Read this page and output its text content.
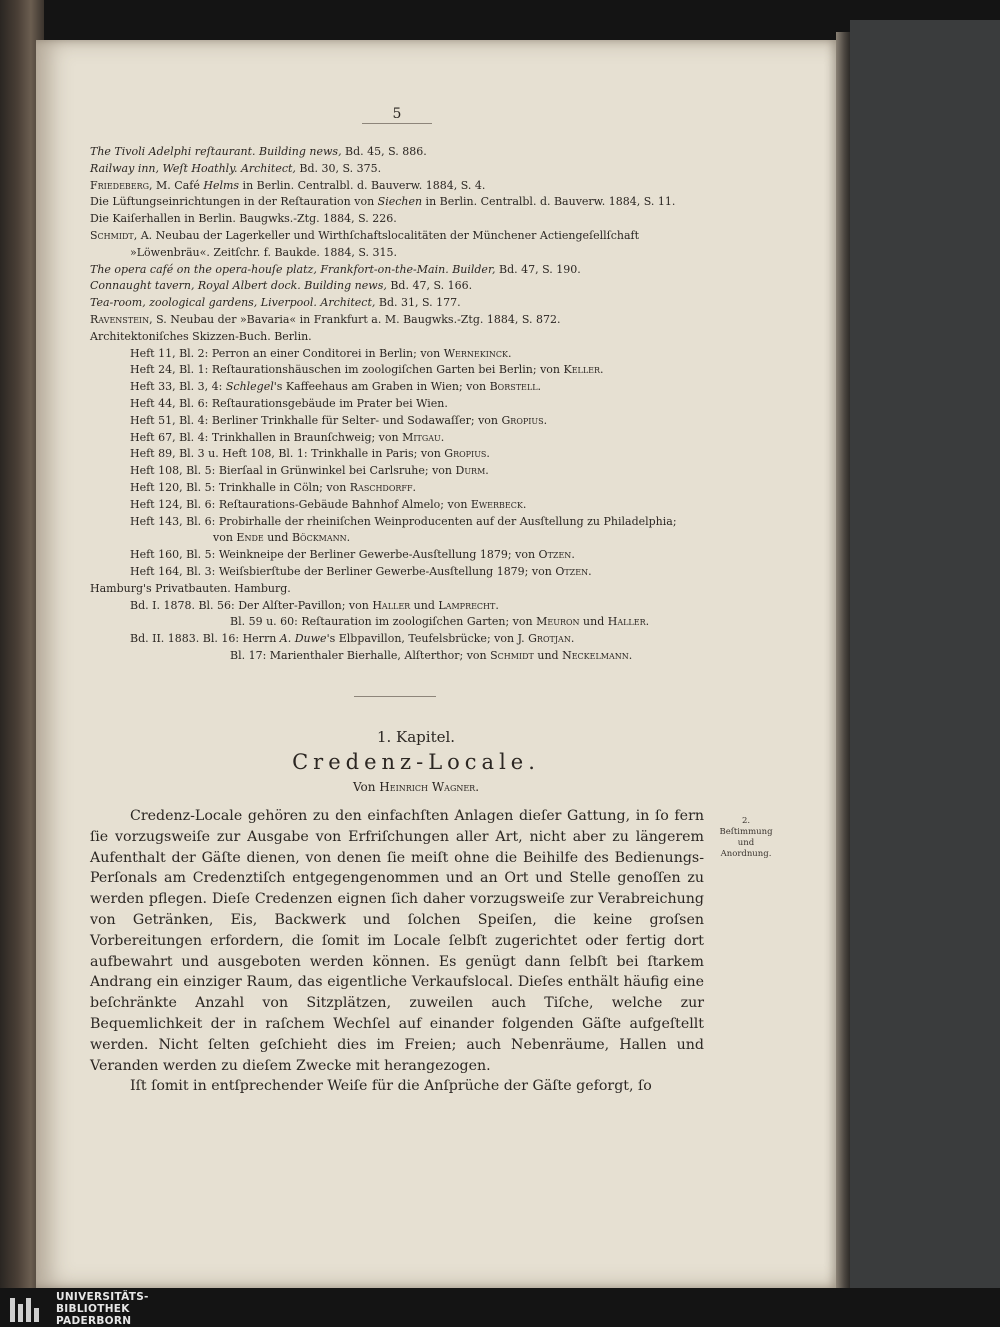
5
The Tivoli Adelphi reſtaurant. Building news, Bd. 45, S. 886.
Railway inn, Weſt Hoathly. Architect, Bd. 30, S. 375.
Friedeberg, M. Café Helms in Berlin. Centralbl. d. Bauverw. 1884, S. 4.
Die Lüftungseinrichtungen in der Reſtauration von Siechen in Berlin. Centralbl. d. Bauverw. 1884, S. 11.
Die Kaiſerhallen in Berlin. Baugwks.-Ztg. 1884, S. 226.
Schmidt, A. Neubau der Lagerkeller und Wirthſchaftslocalitäten der Münchener Actiengeſellſchaft
»Löwenbräu«. Zeitſchr. f. Baukde. 1884, S. 315.
The opera café on the opera-houſe platz, Frankfort-on-the-Main. Builder, Bd. 47, S. 190.
Connaught tavern, Royal Albert dock. Building news, Bd. 47, S. 166.
Tea-room, zoological gardens, Liverpool. Architect, Bd. 31, S. 177.
Ravenstein, S. Neubau der »Bavaria« in Frankfurt a. M. Baugwks.-Ztg. 1884, S. 872.
Architektoniſches Skizzen-Buch. Berlin.
Heft 11, Bl. 2: Perron an einer Conditorei in Berlin; von Wernekinck.
Heft 24, Bl. 1: Reſtaurationshäuschen im zoologiſchen Garten bei Berlin; von Keller.
Heft 33, Bl. 3, 4: Schlegel's Kaffeehaus am Graben in Wien; von Borstell.
Heft 44, Bl. 6: Reſtaurationsgebäude im Prater bei Wien.
Heft 51, Bl. 4: Berliner Trinkhalle für Selter- und Sodawaſſer; von Gropius.
Heft 67, Bl. 4: Trinkhallen in Braunſchweig; von Mitgau.
Heft 89, Bl. 3 u. Heft 108, Bl. 1: Trinkhalle in Paris; von Gropius.
Heft 108, Bl. 5: Bierſaal in Grünwinkel bei Carlsruhe; von Durm.
Heft 120, Bl. 5: Trinkhalle in Cöln; von Raschdorff.
Heft 124, Bl. 6: Reſtaurations-Gebäude Bahnhof Almelo; von Ewerbeck.
Heft 143, Bl. 6: Probirhalle der rheiniſchen Weinproducenten auf der Ausſtellung zu Philadelphia;
von Ende und Böckmann.
Heft 160, Bl. 5: Weinkneipe der Berliner Gewerbe-Ausſtellung 1879; von Otzen.
Heft 164, Bl. 3: Weiſsbierſtube der Berliner Gewerbe-Ausſtellung 1879; von Otzen.
Hamburg's Privatbauten. Hamburg.
Bd. I. 1878. Bl. 56: Der Alſter-Pavillon; von Haller und Lamprecht.
Bl. 59 u. 60: Reſtauration im zoologiſchen Garten; von Meuron und Haller.
Bd. II. 1883. Bl. 16: Herrn A. Duwe's Elbpavillon, Teufelsbrücke; von J. Grotjan.
Bl. 17: Marienthaler Bierhalle, Alſterthor; von Schmidt und Neckelmann.
1. Kapitel.
Credenz-Locale.
Von Heinrich Wagner.

Credenz-Locale gehören zu den einfachſten Anlagen dieſer Gattung, in ſo fern ſie vorzugsweiſe zur Ausgabe von Erfriſchungen aller Art, nicht aber zu längerem Aufenthalt der Gäſte dienen, von denen ſie meiſt ohne die Beihilfe des Bedienungs-Perſonals am Credenztiſch entgegengenommen und an Ort und Stelle genoſſen zu werden pflegen. Dieſe Credenzen eignen ſich daher vorzugsweiſe zur Verabreichung von Getränken, Eis, Backwerk und ſolchen Speiſen, die keine groſsen Vorbereitungen erfordern, die ſomit im Locale ſelbſt zugerichtet oder fertig dort aufbewahrt und ausgeboten werden können. Es genügt dann ſelbſt bei ſtarkem Andrang ein einziger Raum, das eigentliche Verkaufslocal. Dieſes enthält häufig eine beſchränkte Anzahl von Sitzplätzen, zuweilen auch Tiſche, welche zur Bequemlichkeit der in raſchem Wechſel auf einander folgenden Gäſte aufgeſtellt werden. Nicht ſelten geſchieht dies im Freien; auch Nebenräume, Hallen und Veranden werden zu dieſem Zwecke mit herangezogen.

Iſt ſomit in entſprechender Weiſe für die Anſprüche der Gäſte geforgt, ſo

2.
Beſtimmung
und
Anordnung.
UNIVERSITÄTS-
BIBLIOTHEK
PADERBORN
